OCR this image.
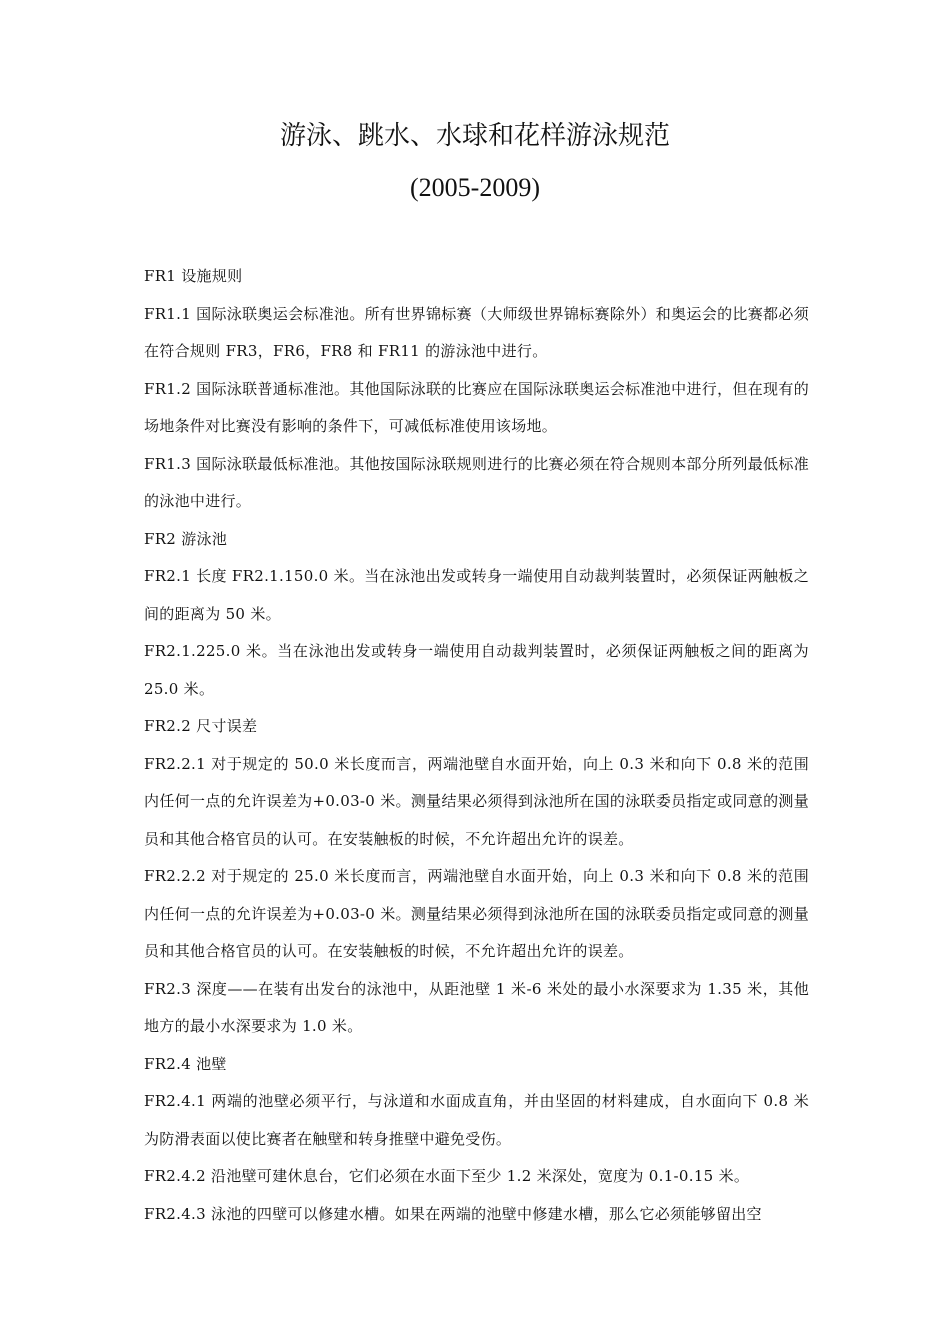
游泳、跳水、水球和花样游泳规范
(2005-2009)

FR1 设施规则

FR1.1 国际泳联奥运会标准池。所有世界锦标赛（大师级世界锦标赛除外）和奥运会的比赛都必须在符合规则 FR3，FR6，FR8 和 FR11 的游泳池中进行。

FR1.2 国际泳联普通标准池。其他国际泳联的比赛应在国际泳联奥运会标准池中进行，但在现有的场地条件对比赛没有影响的条件下，可减低标准使用该场地。

FR1.3 国际泳联最低标准池。其他按国际泳联规则进行的比赛必须在符合规则本部分所列最低标准的泳池中进行。

FR2 游泳池

FR2.1 长度 FR2.1.150.0 米。当在泳池出发或转身一端使用自动裁判装置时，必须保证两触板之间的距离为 50 米。

FR2.1.225.0 米。当在泳池出发或转身一端使用自动裁判装置时，必须保证两触板之间的距离为 25.0 米。

FR2.2 尺寸误差

FR2.2.1 对于规定的 50.0 米长度而言，两端池壁自水面开始，向上 0.3 米和向下 0.8 米的范围内任何一点的允许误差为+0.03-0 米。测量结果必须得到泳池所在国的泳联委员指定或同意的测量员和其他合格官员的认可。在安装触板的时候，不允许超出允许的误差。

FR2.2.2 对于规定的 25.0 米长度而言，两端池壁自水面开始，向上 0.3 米和向下 0.8 米的范围内任何一点的允许误差为+0.03-0 米。测量结果必须得到泳池所在国的泳联委员指定或同意的测量员和其他合格官员的认可。在安装触板的时候，不允许超出允许的误差。

FR2.3 深度——在装有出发台的泳池中，从距池壁 1 米-6 米处的最小水深要求为 1.35 米，其他地方的最小水深要求为 1.0 米。

FR2.4 池壁

FR2.4.1 两端的池壁必须平行，与泳道和水面成直角，并由坚固的材料建成，自水面向下 0.8 米为防滑表面以使比赛者在触壁和转身推壁中避免受伤。

FR2.4.2 沿池壁可建休息台，它们必须在水面下至少 1.2 米深处，宽度为 0.1-0.15 米。

FR2.4.3 泳池的四壁可以修建水槽。如果在两端的池壁中修建水槽，那么它必须能够留出空
